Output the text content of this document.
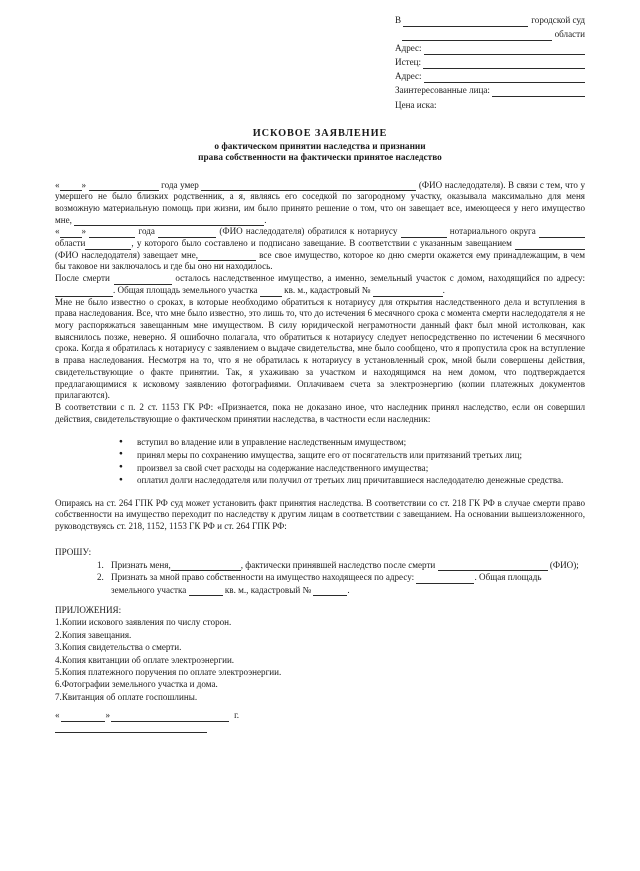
В	городской суд
области
Адрес:
Истец:
Адрес:
Заинтересованные лица:
Цена иска:
ИСКОВОЕ ЗАЯВЛЕНИЕ
о фактическом принятии наследства и признании
права собственности на фактически принятое наследство

« »	года умер	(ФИО наследодателя). В связи с тем, что у умершего не было близких родственник, а я, являясь его соседкой по загородному участку, оказывала максимально для меня возможную материальную помощь при жизни, им было принято решение о том, что он завещает все, имеющееся у него имущество мне,	.

« »	года	(ФИО наследодателя) обратился к нотариусу	нотариального округа  области	, у которого было составлено и подписано завещание. В соответствии с указанным завещанием  (ФИО наследодателя) завещает мне,	все свое имущество, которое ко дню смерти окажется ему принадлежащим, в чем бы таковое ни заключалось и где бы оно ни находилось.

После смерти	осталось наследственное имущество, а именно, земельный участок с домом, находящийся по адресу: . Общая площадь земельного участка  кв. м., кадастровый №	.

Мне не было известно о сроках, в которые необходимо обратиться к нотариусу для открытия наследственного дела и вступления в права наследования. Все, что мне было известно, это лишь то, что до истечения 6 месячного срока с момента смерти наследодателя я не могу распоряжаться завещанным мне имуществом. В силу юридической неграмотности данный факт был мной истолкован, как выяснилось позже, неверно. Я ошибочно полагала, что обратиться к нотариусу следует непосредственно по истечении 6 месячного срока. Когда я обратилась к нотариусу с заявлением о выдаче свидетельства, мне было сообщено, что я пропустила срок на вступление в права наследования. Несмотря на то, что я не обратилась к нотариусу в установленный срок, мной были совершены действия, свидетельствующие о факте принятии. Так, я ухаживаю за участком и находящимся на нем домом, что подтверждается предлагающимися к исковому заявлению фотографиями. Оплачиваем счета за электроэнергию (копии платежных документов прилагаются).

В соответствии с п. 2 ст. 1153 ГК РФ: «Признается, пока не доказано иное, что наследник принял наследство, если он совершил действия, свидетельствующие о фактическом принятии наследства, в частности если наследник:

● вступил во владение или в управление наследственным имуществом;
● принял меры по сохранению имущества, защите его от посягательств или притязаний третьих лиц;
● произвел за свой счет расходы на содержание наследственного имущества;
● оплатил долги наследодателя или получил от третьих лиц причитавшиеся наследодателю денежные средства.

Опираясь на ст. 264 ГПК РФ суд может установить факт принятия наследства. В соответствии со ст. 218 ГК РФ в случае смерти право собственности на имущество переходит по наследству к другим лицам в соответствии с завещанием. На основании вышеизложенного, руководствуясь ст. 218, 1152, 1153 ГК РФ и ст. 264 ГПК РФ:

ПРОШУ:
Признать меня,	, фактически принявшей наследство после смерти	(ФИО);
Признать за мной право собственности на имущество находящееся по адресу:	. Общая площадь земельного участка	кв. м., кадастровый №	.
ПРИЛОЖЕНИЯ:
1.Копии искового заявления по числу сторон.
2.Копия завещания.
3.Копия свидетельства о смерти.
4.Копия квитанции об оплате электроэнергии.
5.Копия платежного поручения по оплате электроэнергии.
6.Фотографии земельного участка и дома.
7.Квитанция об оплате госпошлины.
«	»	г.
